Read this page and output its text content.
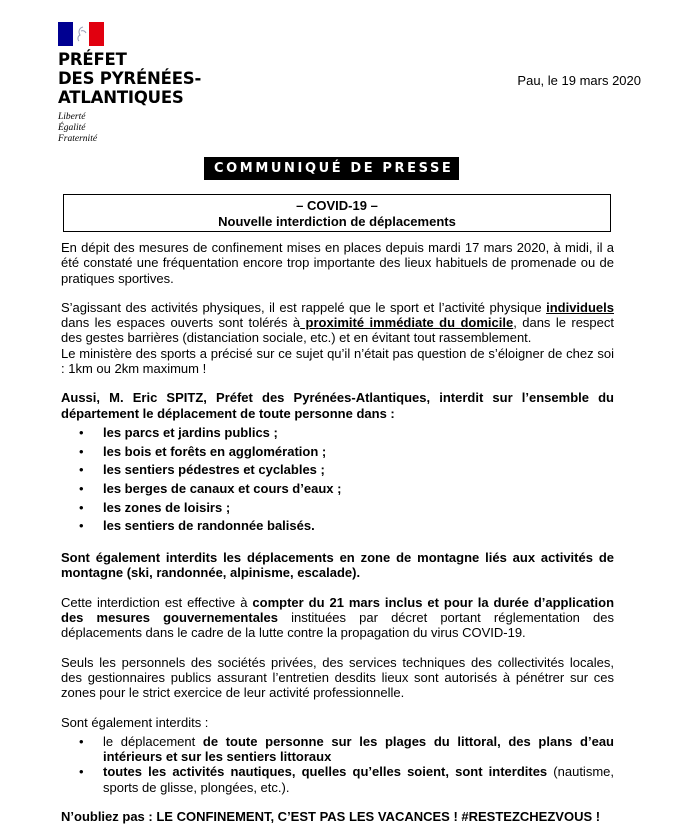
PRÉFET
DES PYRÉNÉES-
ATLANTIQUES
Liberté
Égalité
Fraternité
Pau, le 19 mars 2020
COMMUNIQUÉ DE PRESSE
– COVID-19 –
Nouvelle interdiction de déplacements

En dépit des mesures de confinement mises en places depuis mardi 17 mars 2020, à midi, il a été constaté une fréquentation encore trop importante des lieux habituels de promenade ou de pratiques sportives.

S’agissant des activités physiques, il est rappelé que le sport et l’activité physique individuels dans les espaces ouverts sont tolérés à proximité immédiate du domicile, dans le respect des gestes barrières (distanciation sociale, etc.) et en évitant tout rassemblement.

Le ministère des sports a précisé sur ce sujet qu’il n’était pas question de s’éloigner de chez soi : 1km ou 2km maximum !

Aussi, M. Eric SPITZ, Préfet des Pyrénées-Atlantiques, interdit sur l’ensemble du département le déplacement de toute personne dans :

• les parcs et jardins publics ;
• les bois et forêts en agglomération ;
• les sentiers pédestres et cyclables ;
• les berges de canaux et cours d’eaux ;
• les zones de loisirs ;
• les sentiers de randonnée balisés.

Sont également interdits les déplacements en zone de montagne liés aux activités de montagne (ski, randonnée, alpinisme, escalade).

Cette interdiction est effective à compter du 21 mars inclus et pour la durée d’application des mesures gouvernementales instituées par décret portant réglementation des déplacements dans le cadre de la lutte contre la propagation du virus COVID-19.

Seuls les personnels des sociétés privées, des services techniques des collectivités locales, des gestionnaires publics assurant l’entretien desdits lieux sont autorisés à pénétrer sur ces zones pour le strict exercice de leur activité professionnelle.

Sont également interdits :

• le déplacement de toute personne sur les plages du littoral, des plans d’eau intérieurs et sur les sentiers littoraux
• toutes les activités nautiques, quelles qu’elles soient, sont interdites (nautisme, sports de glisse, plongées, etc.).

N’oubliez pas : LE CONFINEMENT, C’EST PAS LES VACANCES ! #RESTEZCHEZVOUS !
